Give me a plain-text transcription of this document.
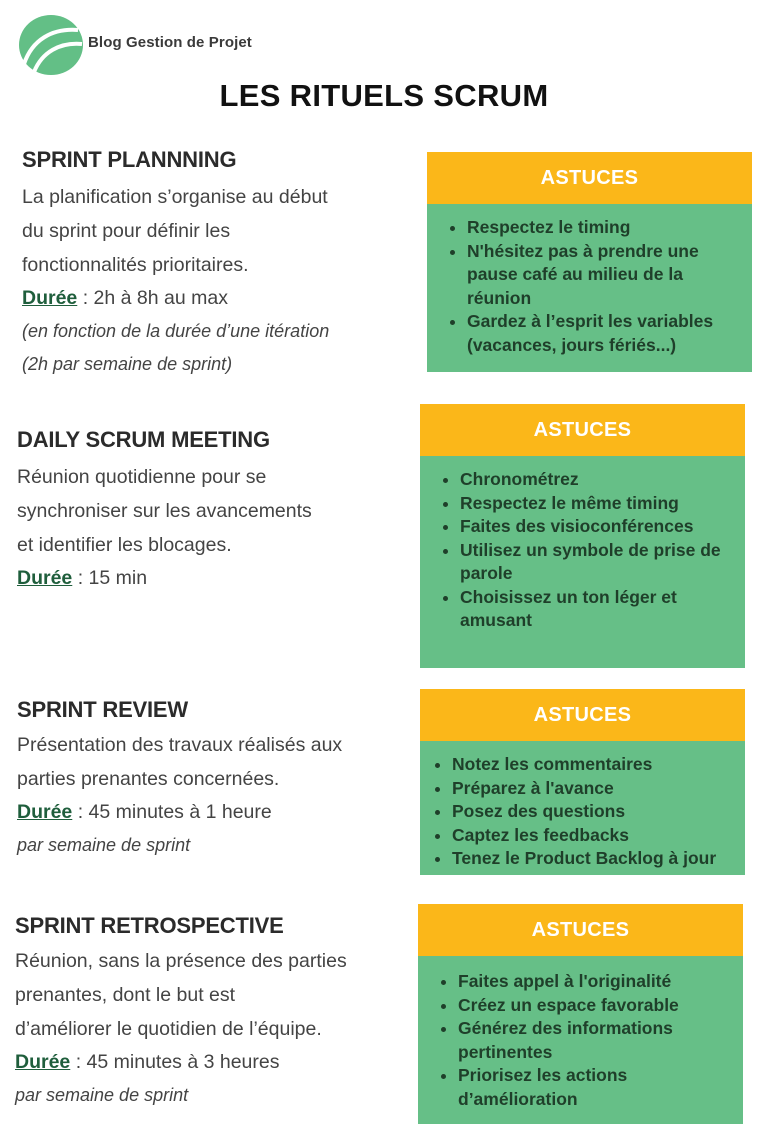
Blog Gestion de Projet
LES RITUELS SCRUM
SPRINT PLANNNING

La planification s’organise au début

du sprint pour définir les

fonctionnalités prioritaires.

Durée : 2h à 8h au max

(en fonction de la durée d’une itération

(2h par semaine de sprint)

ASTUCES
• Respectez le timing
• N'hésitez pas à prendre une pause café au milieu de la réunion
• Gardez à l’esprit les variables (vacances, jours fériés...)
DAILY SCRUM MEETING

Réunion quotidienne pour se

synchroniser sur les avancements

et identifier les blocages.

Durée : 15 min

ASTUCES
• Chronométrez
• Respectez le même timing
• Faites des visioconférences
• Utilisez un symbole de prise de parole
• Choisissez un ton léger et amusant
SPRINT REVIEW

Présentation des travaux réalisés aux

parties prenantes concernées.

Durée : 45 minutes à 1 heure

par semaine de sprint

ASTUCES
• Notez les commentaires
• Préparez à l'avance
• Posez des questions
• Captez les feedbacks
• Tenez le Product Backlog à jour
SPRINT RETROSPECTIVE

Réunion, sans la présence des parties

prenantes, dont le but est

d’améliorer le quotidien de l’équipe.

Durée : 45 minutes à 3 heures

par semaine de sprint

ASTUCES
• Faites appel à l'originalité
• Créez un espace favorable
• Générez des informations pertinentes
• Priorisez les actions d’amélioration
